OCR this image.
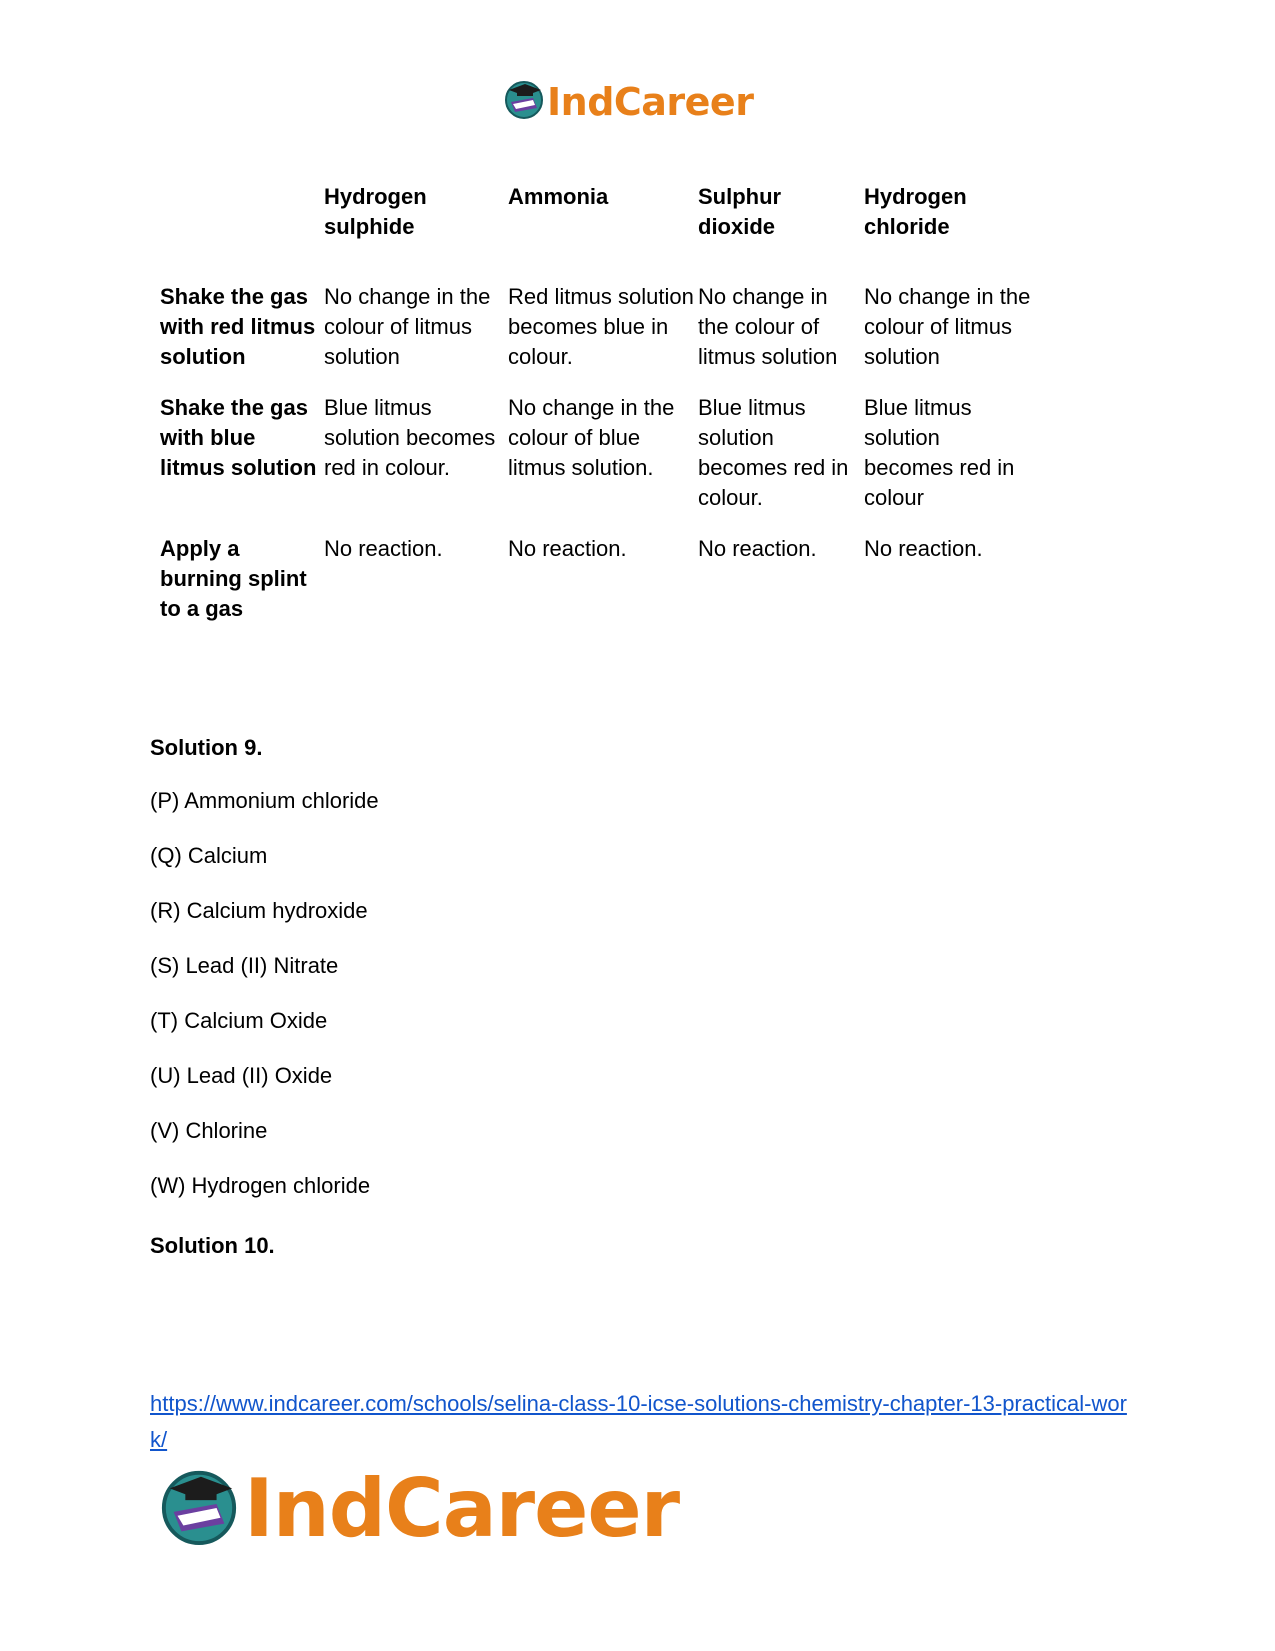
IndCareer
	Hydrogen sulphide	Ammonia	Sulphur dioxide	Hydrogen chloride
Shake the gas with red litmus solution	No change in the colour of litmus solution	Red litmus solution becomes blue in colour.	No change in the colour of litmus solution	No change in the colour of litmus solution
Shake the gas with blue litmus solution	Blue litmus solution becomes red in colour.	No change in the colour of blue litmus solution.	Blue litmus solution becomes red in colour.	Blue litmus solution becomes red in colour
Apply a burning splint to a gas	No reaction.	No reaction.	No reaction.	No reaction.

Solution 9.

(P) Ammonium chloride
(Q) Calcium
(R) Calcium hydroxide
(S) Lead (II) Nitrate
(T) Calcium Oxide
(U) Lead (II) Oxide
(V) Chlorine
(W) Hydrogen chloride

Solution 10.

https://www.indcareer.com/schools/selina-class-10-icse-solutions-chemistry-chapter-13-practical-work/
IndCareer
